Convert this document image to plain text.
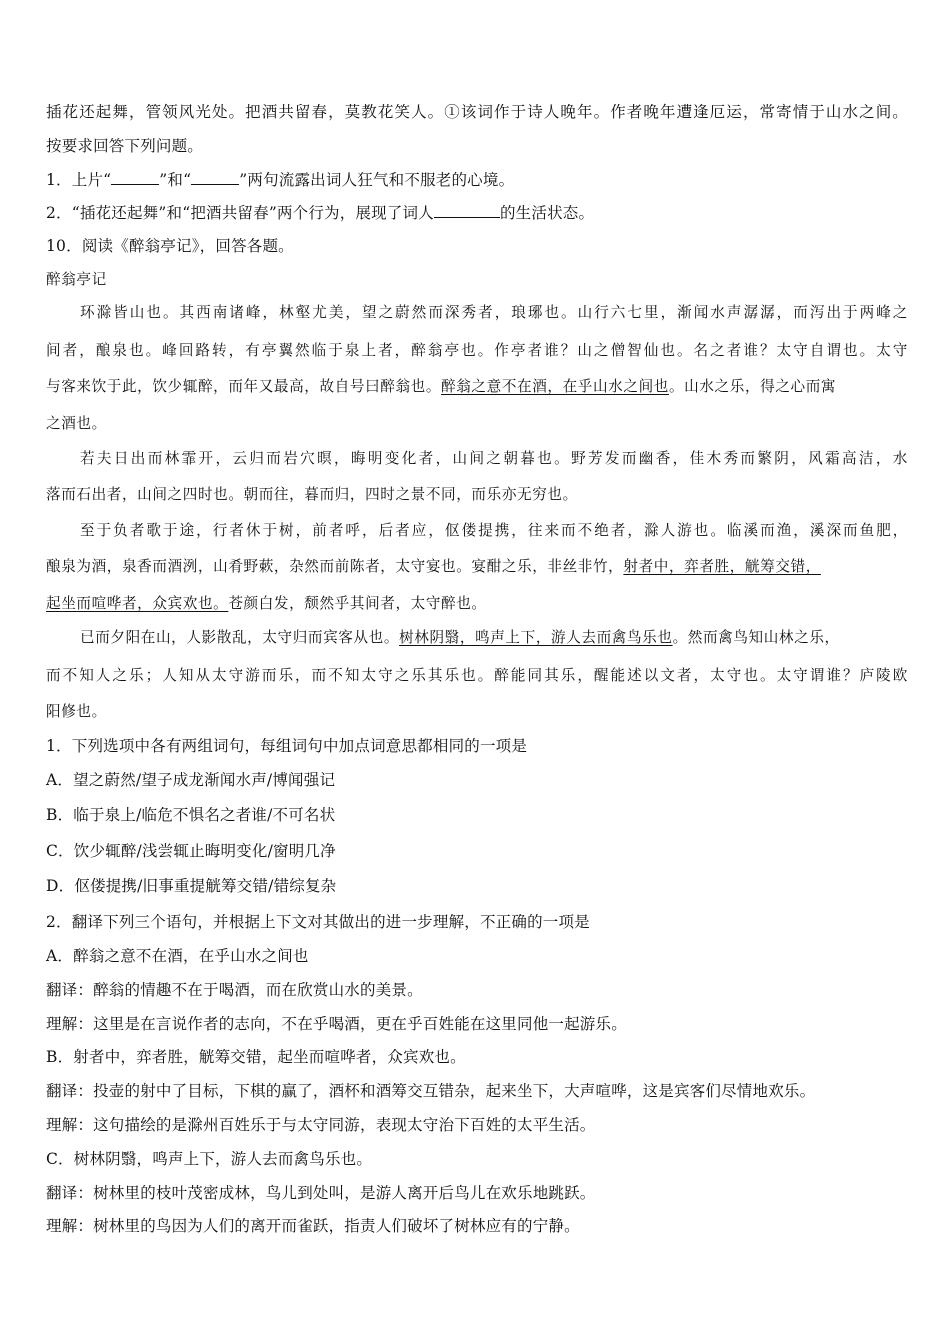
插花还起舞，管领风光处。把酒共留春，莫教花笑人。①该词作于诗人晚年。作者晚年遭逢厄运，常寄情于山水之间。
按要求回答下列问题。
1．上片“	”和“	”两句流露出词人狂气和不服老的心境。
2．“插花还起舞”和“把酒共留春”两个行为，展现了词人	的生活状态。
10．阅读《醉翁亭记》，回答各题。
醉翁亭记
环滁皆山也。其西南诸峰，林壑尤美，望之蔚然而深秀者，琅琊也。山行六七里，渐闻水声潺潺，而泻出于两峰之
间者，酿泉也。峰回路转，有亭翼然临于泉上者，醉翁亭也。作亭者谁？山之僧智仙也。名之者谁？太守自谓也。太守
与客来饮于此，饮少辄醉，而年又最高，故自号曰醉翁也。醉翁之意不在酒，在乎山水之间也。山水之乐，得之心而寓
之酒也。
若夫日出而林霏开，云归而岩穴暝，晦明变化者，山间之朝暮也。野芳发而幽香，佳木秀而繁阴，风霜高洁，水
落而石出者，山间之四时也。朝而往，暮而归，四时之景不同，而乐亦无穷也。
至于负者歌于途，行者休于树，前者呼，后者应，伛偻提携，往来而不绝者，滁人游也。临溪而渔，溪深而鱼肥，
酿泉为酒，泉香而酒洌，山肴野蔌，杂然而前陈者，太守宴也。宴酣之乐，非丝非竹，射者中，弈者胜，觥筹交错，
起坐而喧哗者，众宾欢也。苍颜白发，颓然乎其间者，太守醉也。
已而夕阳在山，人影散乱，太守归而宾客从也。树林阴翳，鸣声上下，游人去而禽鸟乐也。然而禽鸟知山林之乐，
而不知人之乐；人知从太守游而乐，而不知太守之乐其乐也。醉能同其乐，醒能述以文者，太守也。太守谓谁？庐陵欧
阳修也。
1．下列选项中各有两组词句，每组词句中加点词意思都相同的一项是
A．望之蔚然/望子成龙渐闻水声/博闻强记
B．临于泉上/临危不惧名之者谁/不可名状
C．饮少辄醉/浅尝辄止晦明变化/窗明几净
D．伛偻提携/旧事重提觥筹交错/错综复杂
2．翻译下列三个语句，并根据上下文对其做出的进一步理解，不正确的一项是
A．醉翁之意不在酒，在乎山水之间也
翻译：醉翁的情趣不在于喝酒，而在欣赏山水的美景。
理解：这里是在言说作者的志向，不在乎喝酒，更在乎百姓能在这里同他一起游乐。
B．射者中，弈者胜，觥筹交错，起坐而喧哗者，众宾欢也。
翻译：投壶的射中了目标，下棋的赢了，酒杯和酒筹交互错杂，起来坐下，大声喧哗，这是宾客们尽情地欢乐。
理解：这句描绘的是滁州百姓乐于与太守同游，表现太守治下百姓的太平生活。
C．树林阴翳，鸣声上下，游人去而禽鸟乐也。
翻译：树林里的枝叶茂密成林，鸟儿到处叫，是游人离开后鸟儿在欢乐地跳跃。
理解：树林里的鸟因为人们的离开而雀跃，指责人们破坏了树林应有的宁静。
